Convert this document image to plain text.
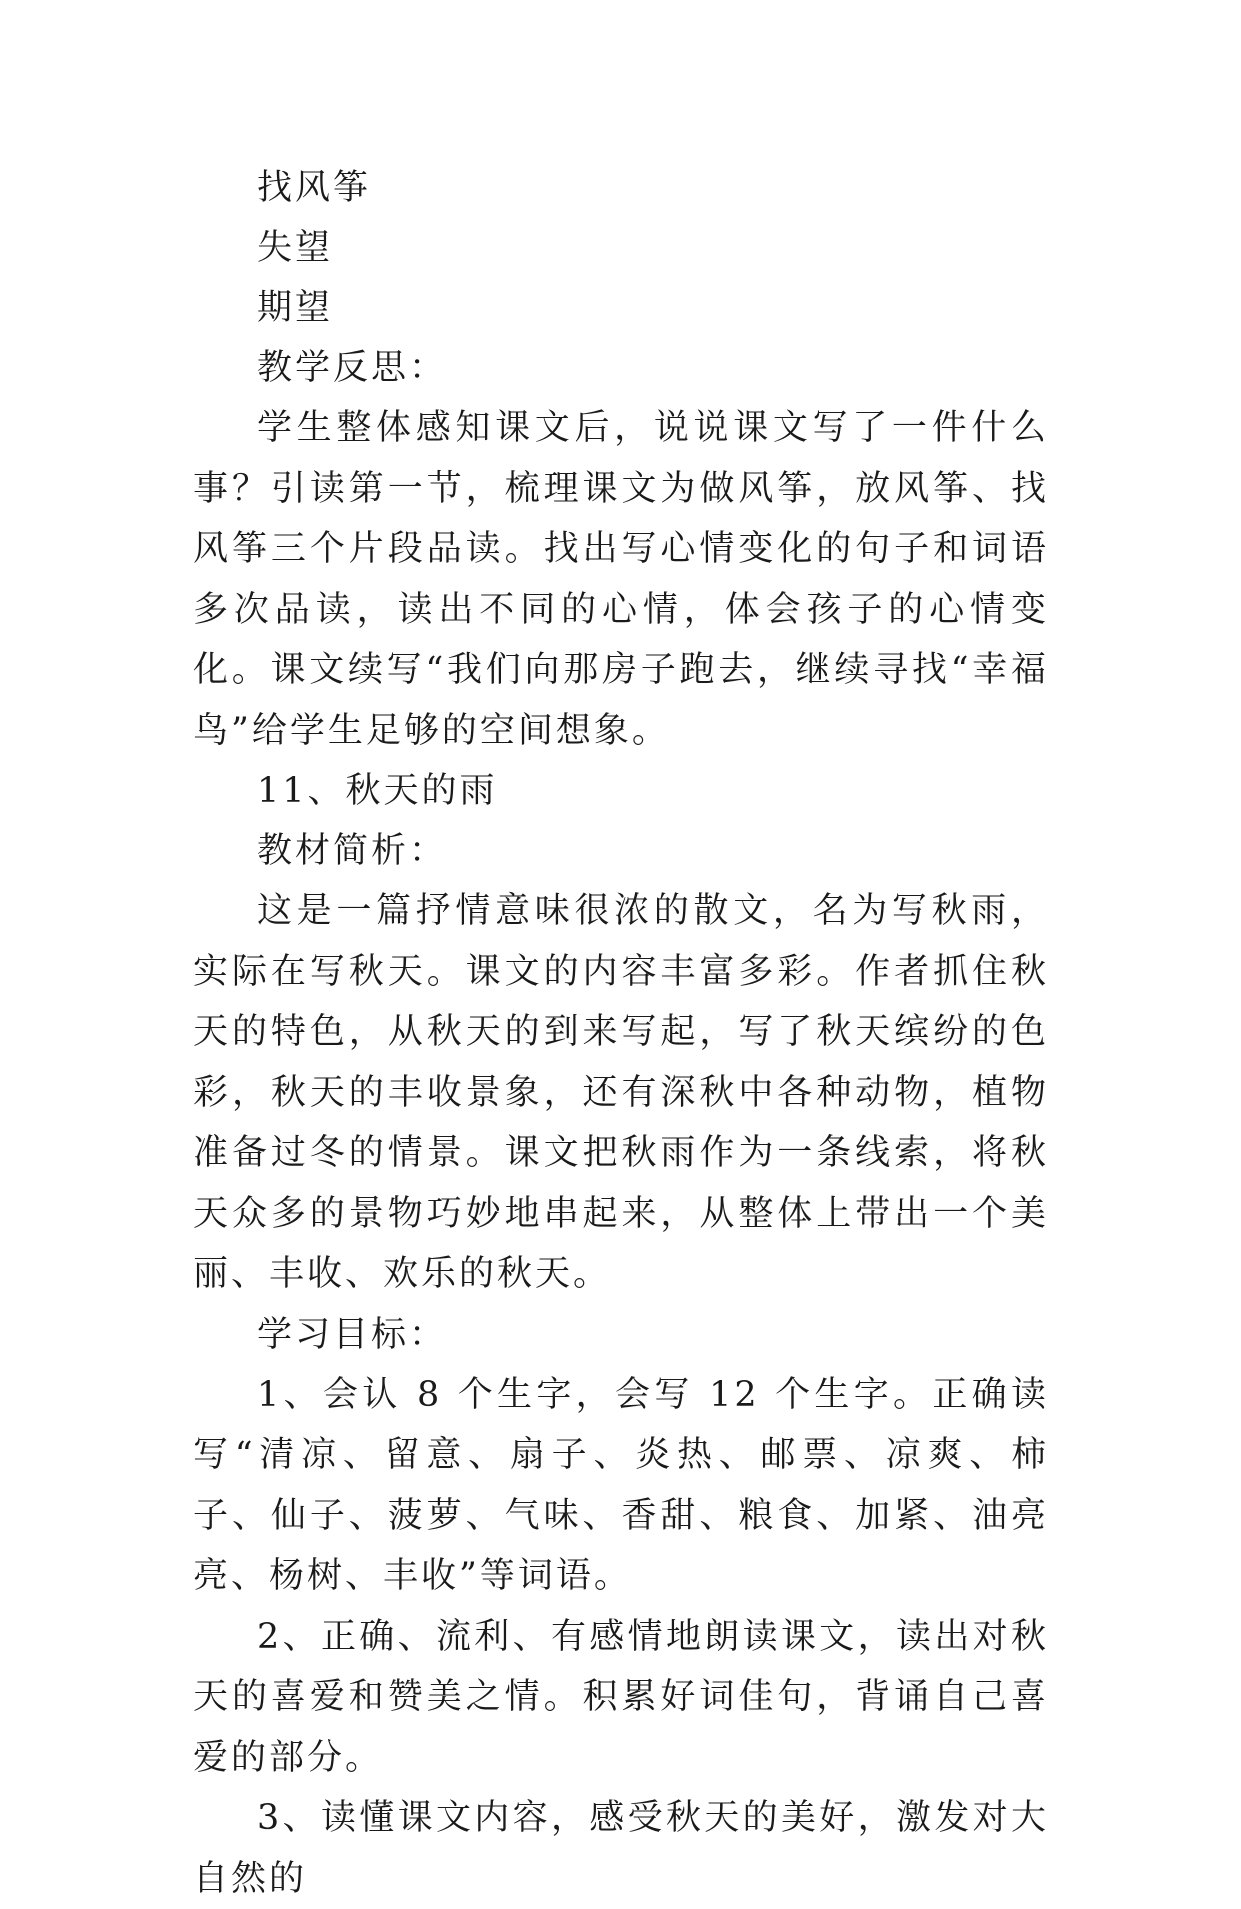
找风筝
失望
期望
教学反思：
学生整体感知课文后，说说课文写了一件什么事？引读第一节，梳理课文为做风筝，放风筝、找风筝三个片段品读。找出写心情变化的句子和词语多次品读，读出不同的心情，体会孩子的心情变化。课文续写“我们向那房子跑去，继续寻找“幸福鸟”给学生足够的空间想象。
11、秋天的雨
教材简析：
这是一篇抒情意味很浓的散文，名为写秋雨，实际在写秋天。课文的内容丰富多彩。作者抓住秋天的特色，从秋天的到来写起，写了秋天缤纷的色彩，秋天的丰收景象，还有深秋中各种动物，植物准备过冬的情景。课文把秋雨作为一条线索，将秋天众多的景物巧妙地串起来，从整体上带出一个美丽、丰收、欢乐的秋天。
学习目标：
1、会认 8 个生字，会写 12 个生字。正确读写“清凉、留意、扇子、炎热、邮票、凉爽、柿子、仙子、菠萝、气味、香甜、粮食、加紧、油亮亮、杨树、丰收”等词语。
2、正确、流利、有感情地朗读课文，读出对秋天的喜爱和赞美之情。积累好词佳句，背诵自己喜爱的部分。
3、读懂课文内容，感受秋天的美好，激发对大自然的
